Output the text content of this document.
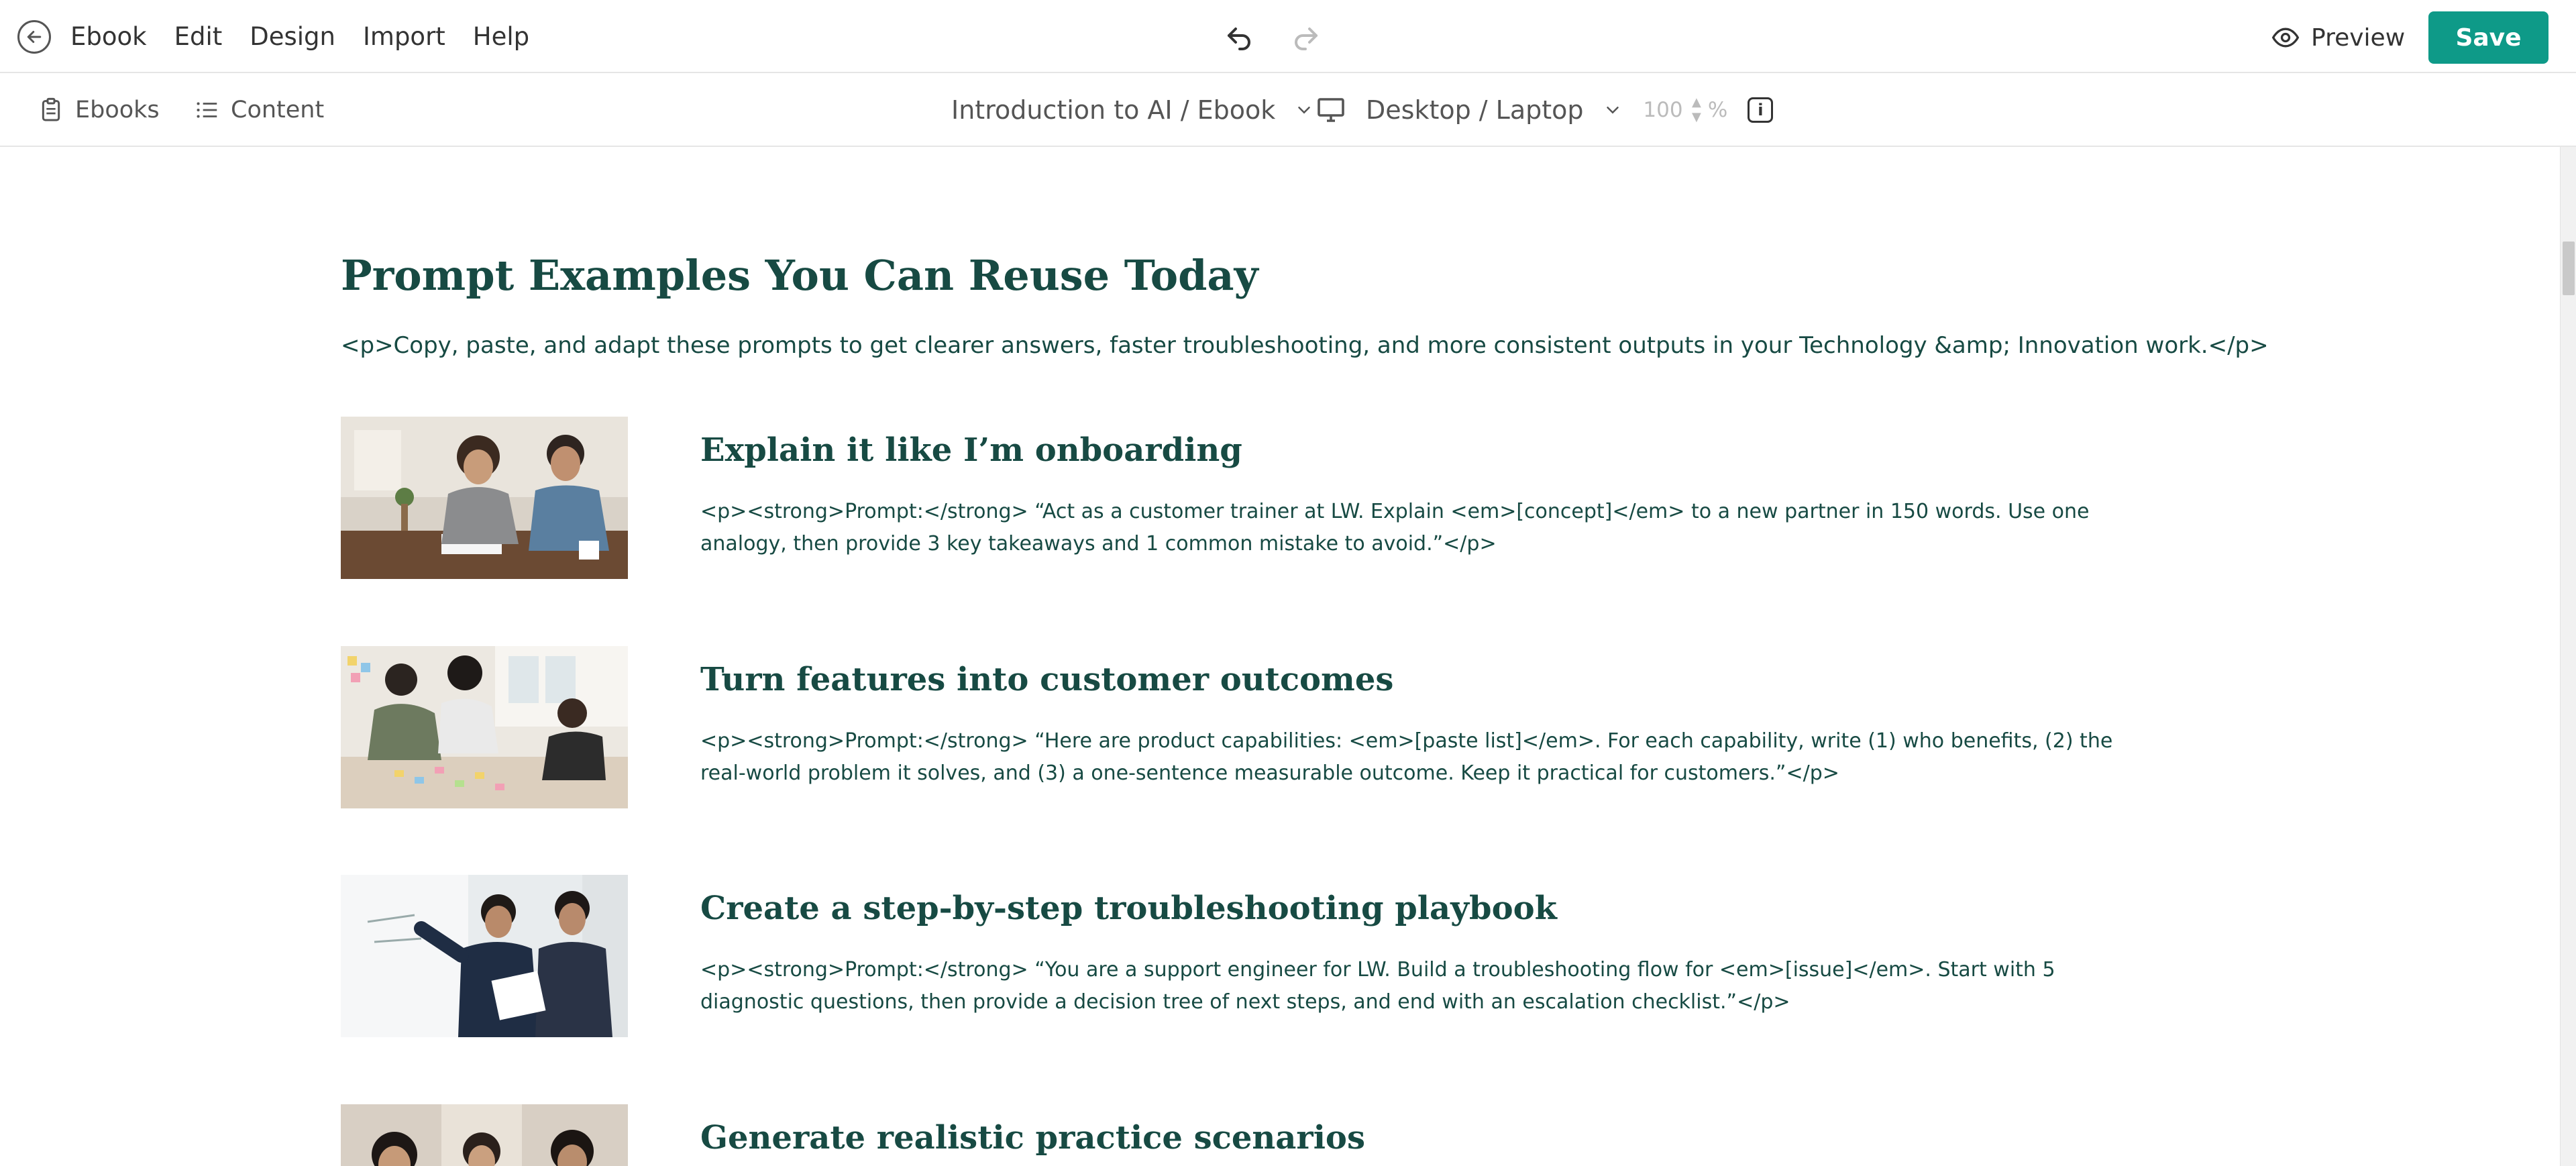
Ebook Edit Design Import Help	Preview	Save
Ebooks	Content	Introduction to AI / Ebook	Desktop / Laptop	100 ▲
▼ %	i
Prompt Examples You Can Reuse Today
<p>Copy, paste, and adapt these prompts to get clearer answers, faster troubleshooting, and more consistent outputs in your Technology &amp; Innovation work.</p>
Explain it like I’m onboarding

<p><strong>Prompt:</strong> “Act as a customer trainer at LW. Explain <em>[concept]</em> to a new partner in 150 words. Use one analogy, then provide 3 key takeaways and 1 common mistake to avoid.”</p>

Turn features into customer outcomes

<p><strong>Prompt:</strong> “Here are product capabilities: <em>[paste list]</em>. For each capability, write (1) who benefits, (2) the real-world problem it solves, and (3) a one-sentence measurable outcome. Keep it practical for customers.”</p>

Create a step-by-step troubleshooting playbook

<p><strong>Prompt:</strong> “You are a support engineer for LW. Build a troubleshooting flow for <em>[issue]</em>. Start with 5 diagnostic questions, then provide a decision tree of next steps, and end with an escalation checklist.”</p>

Generate realistic practice scenarios
